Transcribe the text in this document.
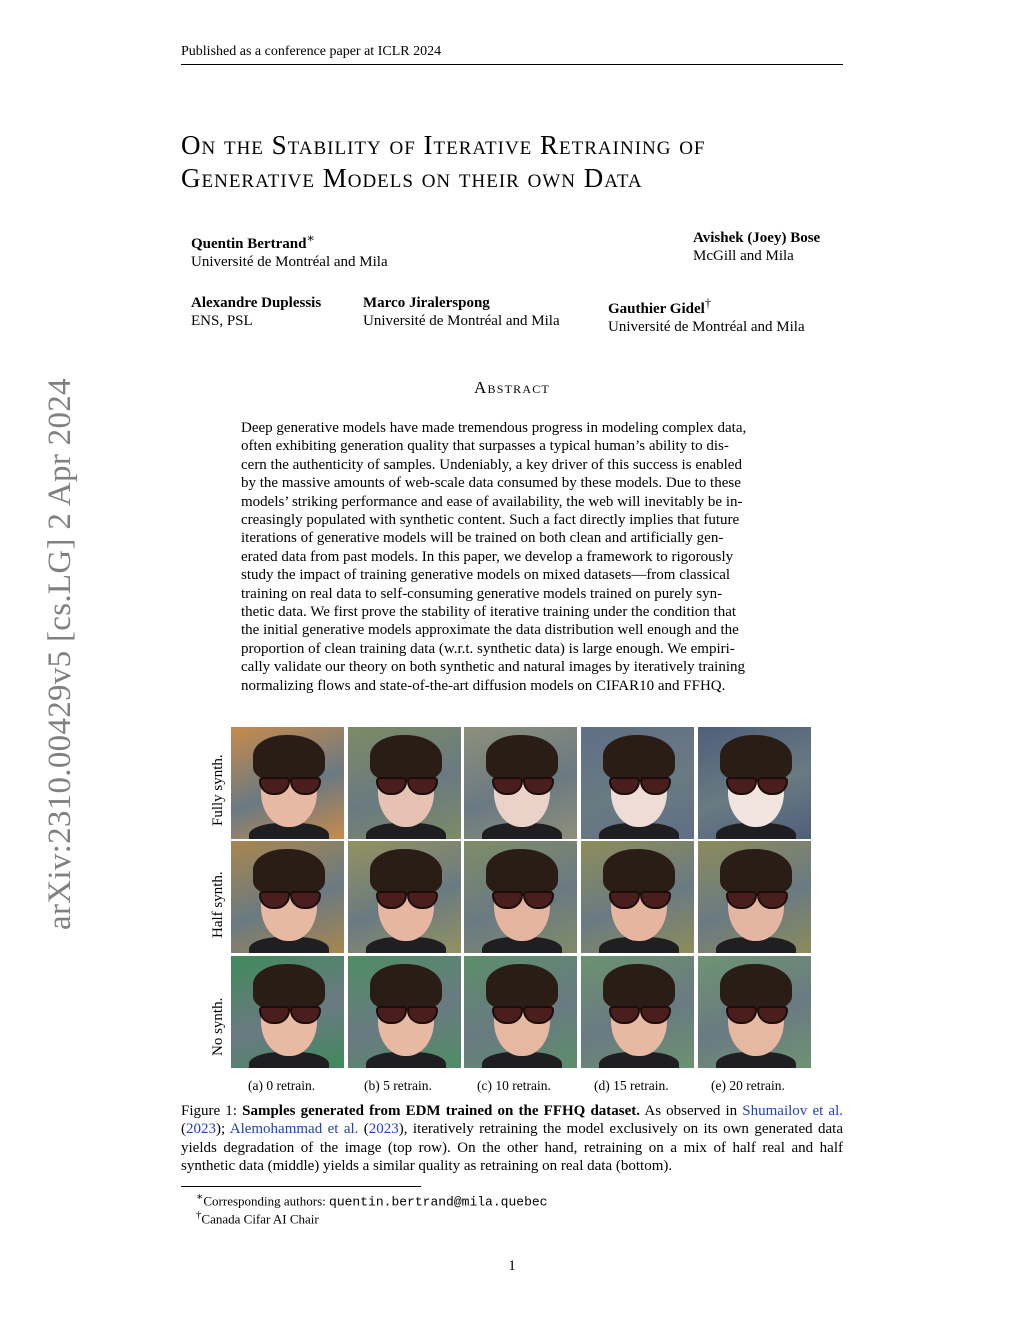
Published as a conference paper at ICLR 2024
arXiv:2310.00429v5 [cs.LG] 2 Apr 2024
On the Stability of Iterative Retraining of
Generative Models on their own Data
Quentin Bertrand∗
Université de Montréal and Mila
Avishek (Joey) Bose
McGill and Mila
Alexandre Duplessis
ENS, PSL
Marco Jiralerspong
Université de Montréal and Mila
Gauthier Gidel†
Université de Montréal and Mila
Abstract
Deep generative models have made tremendous progress in modeling complex data,
often exhibiting generation quality that surpasses a typical human’s ability to dis-
cern the authenticity of samples. Undeniably, a key driver of this success is enabled
by the massive amounts of web-scale data consumed by these models. Due to these
models’ striking performance and ease of availability, the web will inevitably be in-
creasingly populated with synthetic content. Such a fact directly implies that future
iterations of generative models will be trained on both clean and artificially gen-
erated data from past models. In this paper, we develop a framework to rigorously
study the impact of training generative models on mixed datasets—from classical
training on real data to self-consuming generative models trained on purely syn-
thetic data. We first prove the stability of iterative training under the condition that
the initial generative models approximate the data distribution well enough and the
proportion of clean training data (w.r.t. synthetic data) is large enough. We empiri-
cally validate our theory on both synthetic and natural images by iteratively training
normalizing flows and state-of-the-art diffusion models on CIFAR10 and FFHQ.
Fully synth.
Half synth.
No synth.
(a) 0 retrain.	(b) 5 retrain.	(c) 10 retrain.	(d) 15 retrain.	(e) 20 retrain.
Figure 1: Samples generated from EDM trained on the FFHQ dataset. As observed in Shumailov et al. (2023); Alemohammad et al. (2023), iteratively retraining the model exclusively on its own generated data yields degradation of the image (top row). On the other hand, retraining on a mix of half real and half synthetic data (middle) yields a similar quality as retraining on real data (bottom).
∗Corresponding authors: quentin.bertrand@mila.quebec
†Canada Cifar AI Chair
1
